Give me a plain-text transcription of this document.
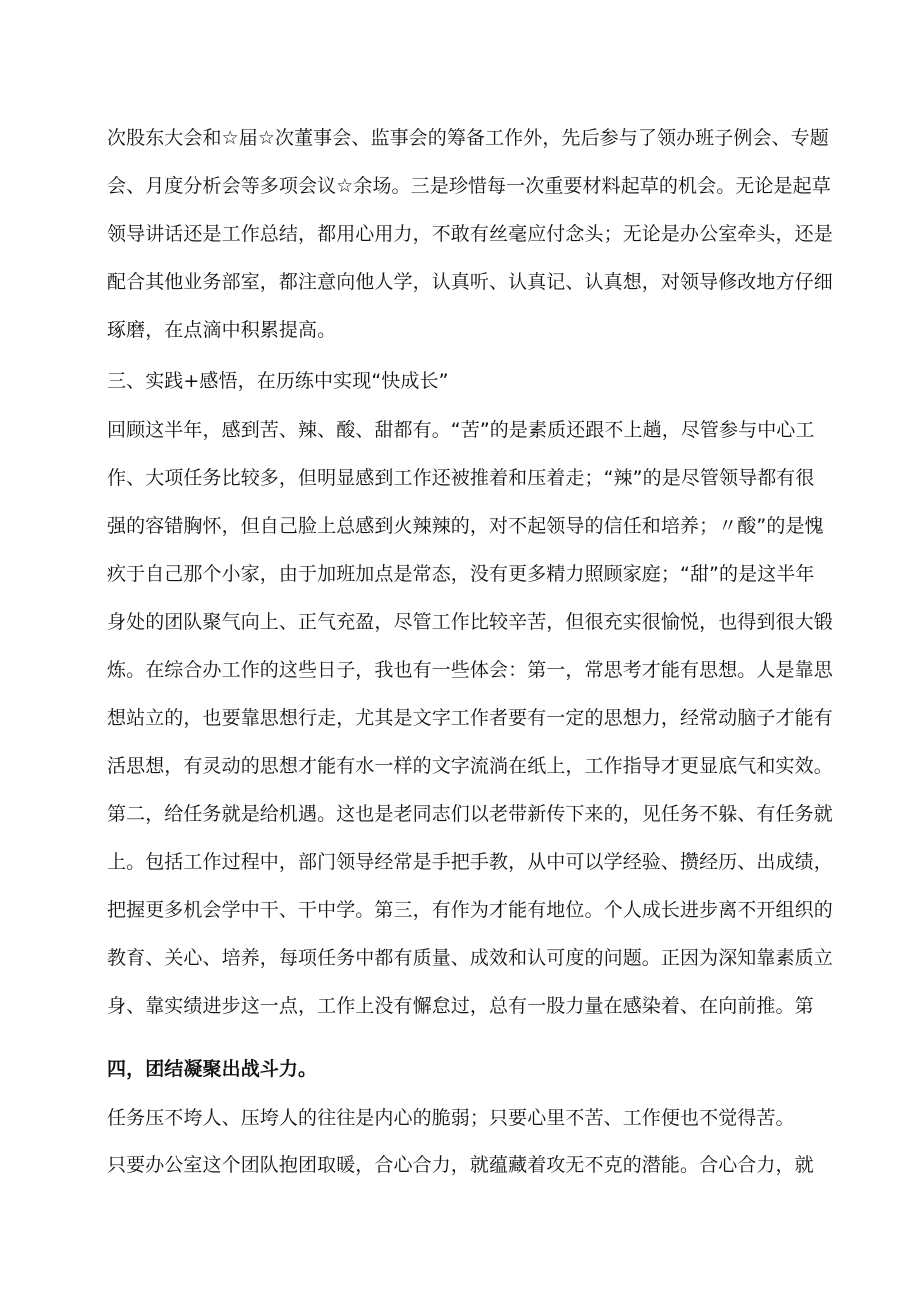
次股东大会和☆届☆次董事会、监事会的筹备工作外，先后参与了领办班子例会、专题
会、月度分析会等多项会议☆余场。三是珍惜每一次重要材料起草的机会。无论是起草
领导讲话还是工作总结，都用心用力，不敢有丝毫应付念头；无论是办公室牵头，还是
配合其他业务部室，都注意向他人学，认真听、认真记、认真想，对领导修改地方仔细
琢磨，在点滴中积累提高。
三、实践+感悟，在历练中实现“快成长”
回顾这半年，感到苦、辣、酸、甜都有。“苦”的是素质还跟不上趟，尽管参与中心工
作、大项任务比较多，但明显感到工作还被推着和压着走；“辣”的是尽管领导都有很
强的容错胸怀，但自己脸上总感到火辣辣的，对不起领导的信任和培养；〃酸”的是愧
疚于自己那个小家，由于加班加点是常态，没有更多精力照顾家庭；“甜”的是这半年
身处的团队聚气向上、正气充盈，尽管工作比较辛苦，但很充实很愉悦，也得到很大锻
炼。在综合办工作的这些日子，我也有一些体会：第一，常思考才能有思想。人是靠思
想站立的，也要靠思想行走，尤其是文字工作者要有一定的思想力，经常动脑子才能有
活思想，有灵动的思想才能有水一样的文字流淌在纸上，工作指导才更显底气和实效。
第二，给任务就是给机遇。这也是老同志们以老带新传下来的，见任务不躲、有任务就
上。包括工作过程中，部门领导经常是手把手教，从中可以学经验、攒经历、出成绩，
把握更多机会学中干、干中学。第三，有作为才能有地位。个人成长进步离不开组织的
教育、关心、培养，每项任务中都有质量、成效和认可度的问题。正因为深知靠素质立
身、靠实绩进步这一点，工作上没有懈怠过，总有一股力量在感染着、在向前推。第
四，团结凝聚出战斗力。
任务压不垮人、压垮人的往往是内心的脆弱；只要心里不苦、工作便也不觉得苦。
只要办公室这个团队抱团取暖，合心合力，就蕴藏着攻无不克的潜能。合心合力，就
